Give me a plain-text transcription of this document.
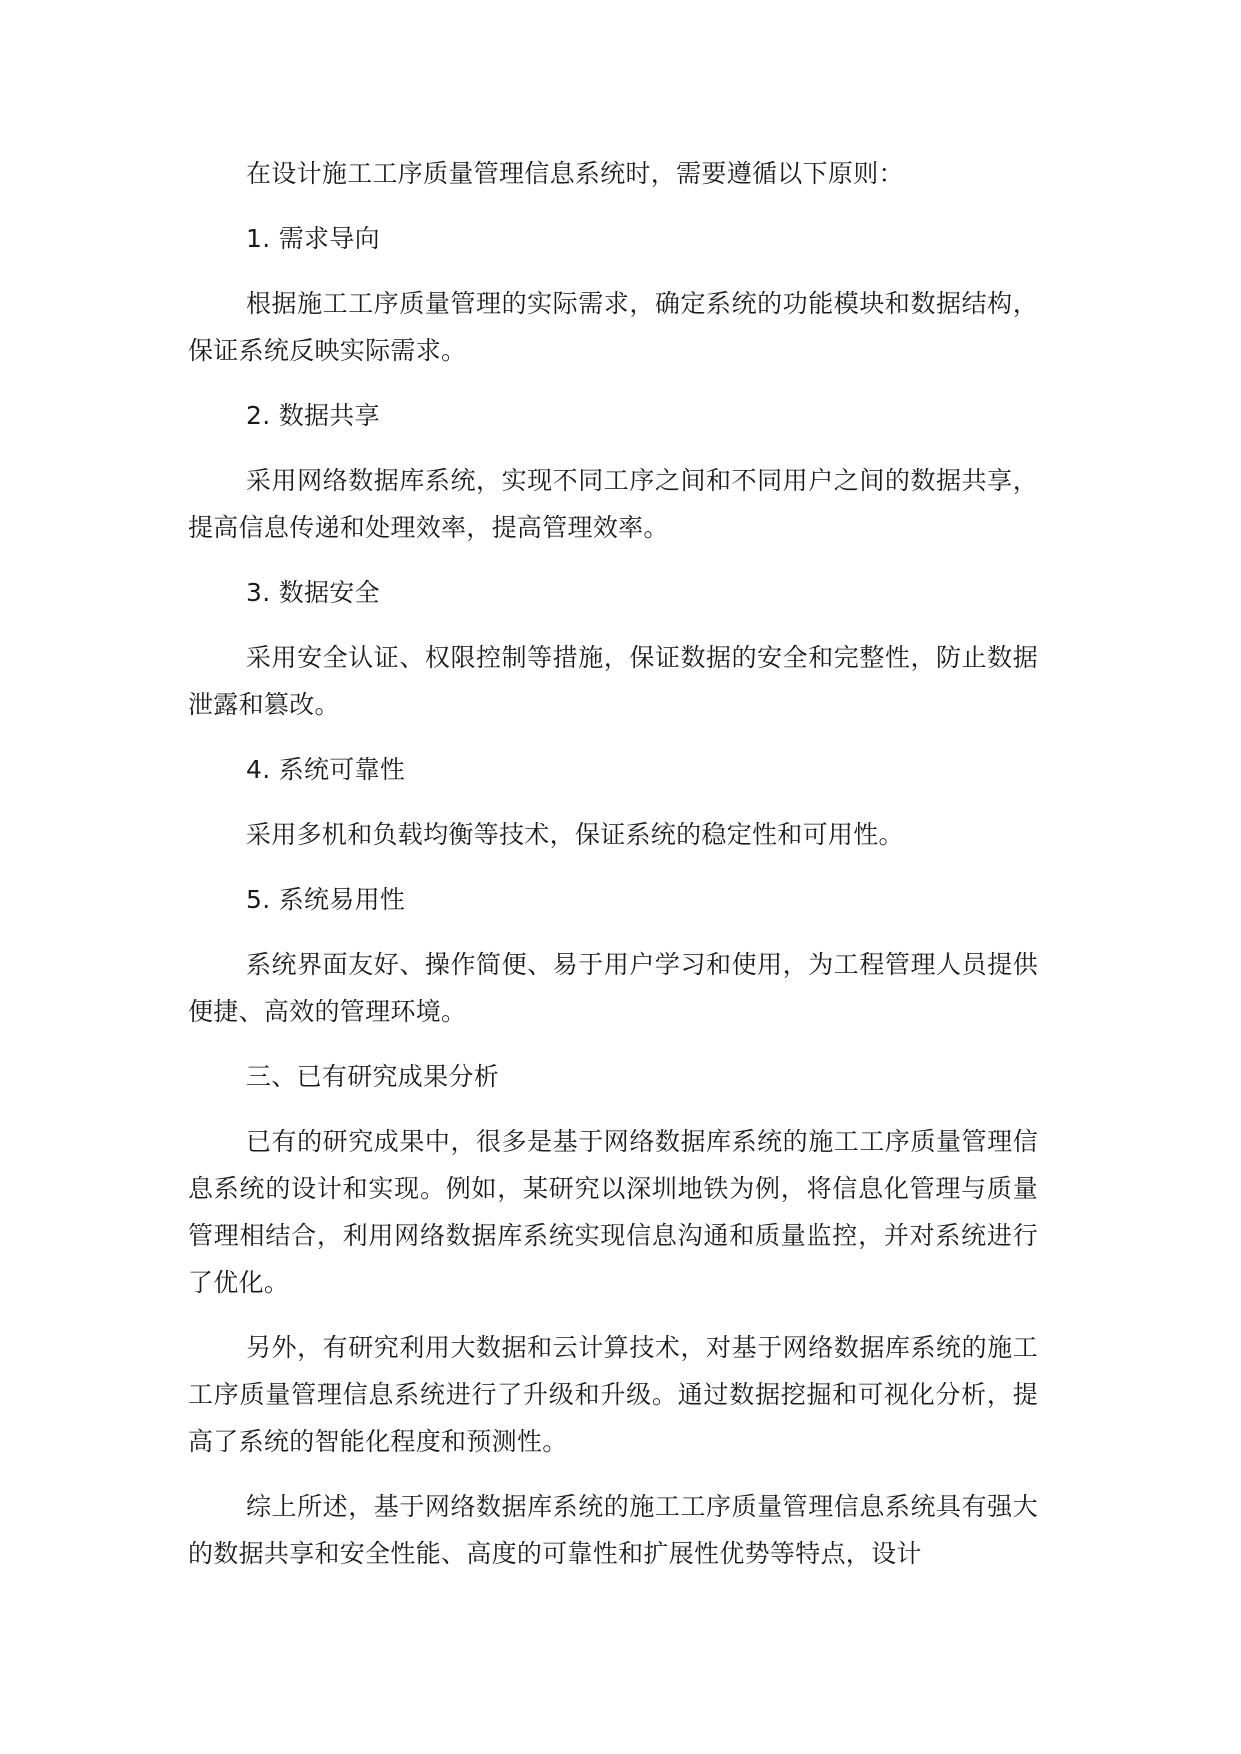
在设计施工工序质量管理信息系统时，需要遵循以下原则：

1. 需求导向

根据施工工序质量管理的实际需求，确定系统的功能模块和数据结构，保证系统反映实际需求。

2. 数据共享

采用网络数据库系统，实现不同工序之间和不同用户之间的数据共享，提高信息传递和处理效率，提高管理效率。

3. 数据安全

采用安全认证、权限控制等措施，保证数据的安全和完整性，防止数据泄露和篡改。

4. 系统可靠性

采用多机和负载均衡等技术，保证系统的稳定性和可用性。

5. 系统易用性

系统界面友好、操作简便、易于用户学习和使用，为工程管理人员提供便捷、高效的管理环境。

三、已有研究成果分析

已有的研究成果中，很多是基于网络数据库系统的施工工序质量管理信息系统的设计和实现。例如，某研究以深圳地铁为例，将信息化管理与质量管理相结合，利用网络数据库系统实现信息沟通和质量监控，并对系统进行了优化。

另外，有研究利用大数据和云计算技术，对基于网络数据库系统的施工工序质量管理信息系统进行了升级和升级。通过数据挖掘和可视化分析，提高了系统的智能化程度和预测性。

综上所述，基于网络数据库系统的施工工序质量管理信息系统具有强大的数据共享和安全性能、高度的可靠性和扩展性优势等特点，设计
